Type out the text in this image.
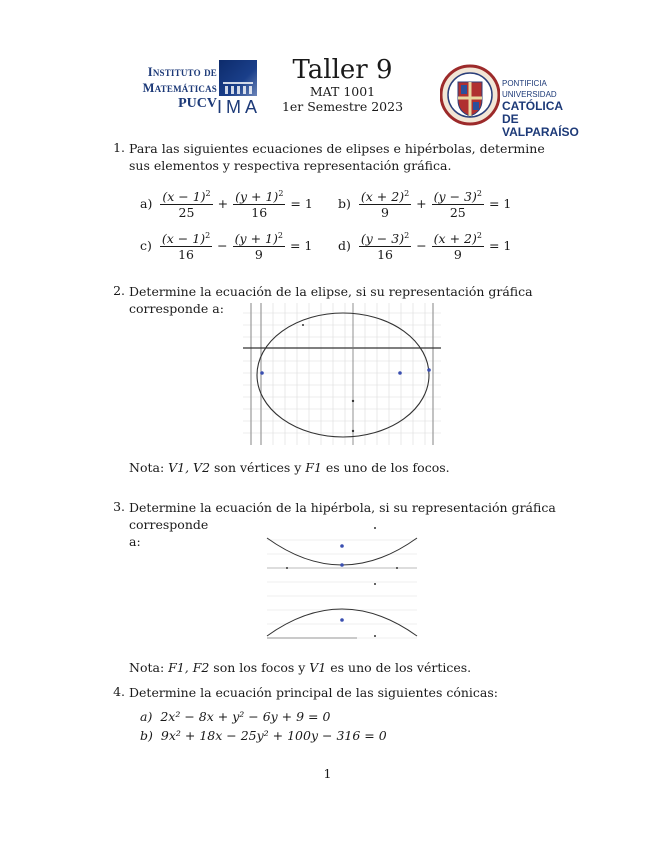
Instituto de
Matemáticas
PUCV IMA
Taller 9
MAT 1001
1er Semestre 2023
PONTIFICIA
UNIVERSIDAD
CATÓLICA DE
VALPARAÍSO
1. Para las siguientes ecuaciones de elipses e hipérbolas, determine sus elementos y respectiva representación gráfica.
$a) \frac{(x - 1)^2}{25} + \frac{(y + 1)^2}{16} = 1$ $b) \frac{(x + 2)^2}{9} + \frac{(y - 3)^2}{25} = 1$
$c) \frac{(x - 1)^2}{16} - \frac{(y + 1)^2}{9} = 1$ $d) \frac{(y - 3)^2}{16} - \frac{(x + 2)^2}{9} = 1$
2. Determine la ecuación de la elipse, si su representación gráfica corresponde a:
Nota: V1, V2 son vértices y F1 es uno de los focos.
3. Determine la ecuación de la hipérbola, si su representación gráfica corresponde
a:
Nota: F1, F2 son los focos y V1 es uno de los vértices.
4. Determine la ecuación principal de las siguientes cónicas:
a) 2x² − 8x + y² − 6y + 9 = 0
b) 9x² + 18x − 25y² + 100y − 316 = 0
1
